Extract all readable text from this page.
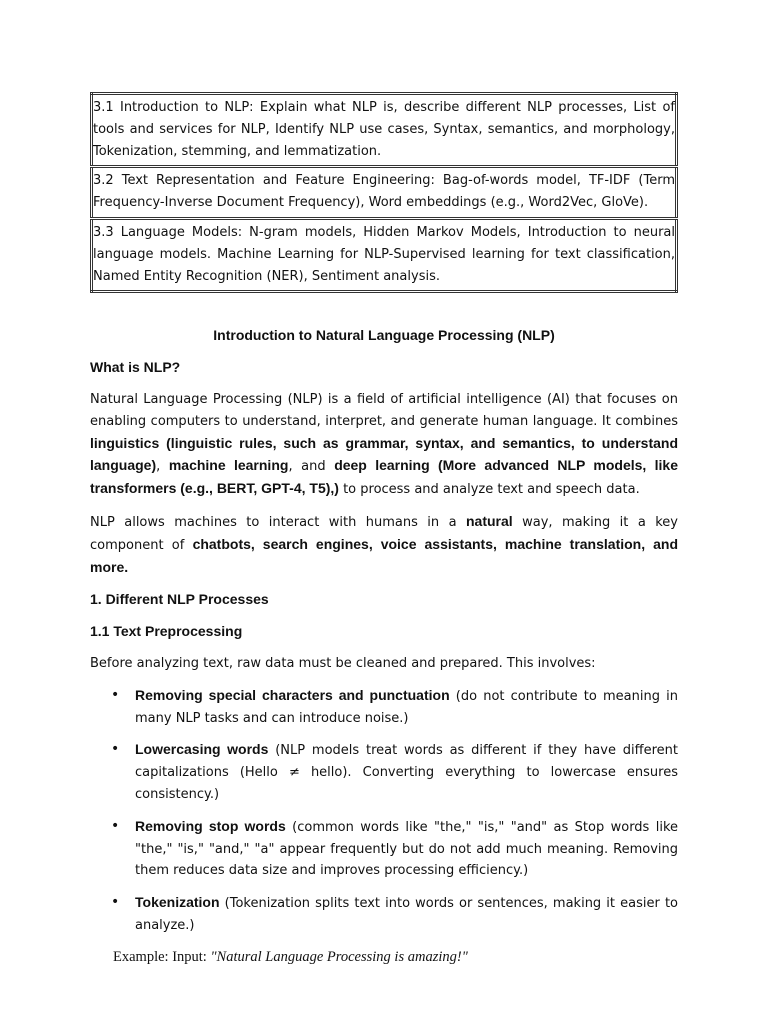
3.1 Introduction to NLP: Explain what NLP is, describe different NLP processes, List of tools and services for NLP, Identify NLP use cases, Syntax, semantics, and morphology, Tokenization, stemming, and lemmatization.
3.2 Text Representation and Feature Engineering: Bag-of-words model, TF-IDF (Term Frequency-Inverse Document Frequency), Word embeddings (e.g., Word2Vec, GloVe).
3.3 Language Models: N-gram models, Hidden Markov Models, Introduction to neural language models. Machine Learning for NLP-Supervised learning for text classification, Named Entity Recognition (NER), Sentiment analysis.
Introduction to Natural Language Processing (NLP)
What is NLP?

Natural Language Processing (NLP) is a field of artificial intelligence (AI) that focuses on enabling computers to understand, interpret, and generate human language. It combines linguistics (linguistic rules, such as grammar, syntax, and semantics, to understand language), machine learning, and deep learning (More advanced NLP models, like transformers (e.g., BERT, GPT-4, T5),) to process and analyze text and speech data.

NLP allows machines to interact with humans in a natural way, making it a key component of chatbots, search engines, voice assistants, machine translation, and more.

1. Different NLP Processes
1.1 Text Preprocessing

Before analyzing text, raw data must be cleaned and prepared. This involves:

• Removing special characters and punctuation (do not contribute to meaning in many NLP tasks and can introduce noise.)
• Lowercasing words (NLP models treat words as different if they have different capitalizations (Hello ≠ hello). Converting everything to lowercase ensures consistency.)
• Removing stop words (common words like "the," "is," "and" as Stop words like "the," "is," "and," "a" appear frequently but do not add much meaning. Removing them reduces data size and improves processing efficiency.)
• Tokenization (Tokenization splits text into words or sentences, making it easier to analyze.)
Example: Input: "Natural Language Processing is amazing!"
